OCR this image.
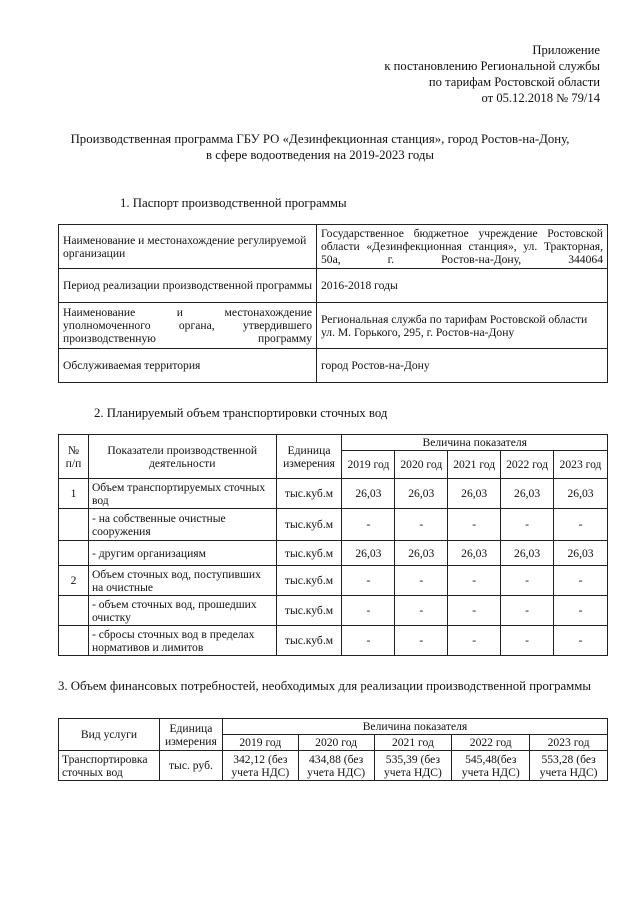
Приложение
к постановлению Региональной службы
по тарифам Ростовской области
от 05.12.2018 № 79/14
Производственная программа ГБУ РО «Дезинфекционная станция», город Ростов-на-Дону,
в сфере водоотведения на 2019-2023 годы
1. Паспорт производственной программы
Наименование и местонахождение регулируемой организации	Государственное бюджетное учреждение Ростовской области «Дезинфекционная станция», ул. Тракторная, 50а, г. Ростов-на-Дону, 344064
Период реализации производственной программы	2016-2018 годы
Наименование и местонахождение уполномоченного органа, утвердившего производственную программу	Региональная служба по тарифам Ростовской области ул. М. Горького, 295, г. Ростов-на-Дону
Обслуживаемая территория	город Ростов-на-Дону
2. Планируемый объем транспортировки сточных вод
№ п/п	Показатели производственной деятельности	Единица измерения	Величина показателя				
			2019 год	2020 год	2021 год	2022 год	2023 год
1	Объем транспортируемых сточных вод	тыс.куб.м	26,03	26,03	26,03	26,03	26,03
	- на собственные очистные сооружения	тыс.куб.м	-	-	-	-	-
	- другим организациям	тыс.куб.м	26,03	26,03	26,03	26,03	26,03
2	Объем сточных вод, поступивших на очистные	тыс.куб.м	-	-	-	-	-
	- объем сточных вод, прошедших очистку	тыс.куб.м	-	-	-	-	-
	- сбросы сточных вод в пределах нормативов и лимитов	тыс.куб.м	-	-	-	-	-
3. Объем финансовых потребностей, необходимых для реализации производственной программы
Вид услуги	Единица измерения	Величина показателя				
		2019 год	2020 год	2021 год	2022 год	2023 год
Транспортировка сточных вод	тыс. руб.	342,12 (без учета НДС)	434,88 (без учета НДС)	535,39 (без учета НДС)	545,48(без учета НДС)	553,28 (без учета НДС)
